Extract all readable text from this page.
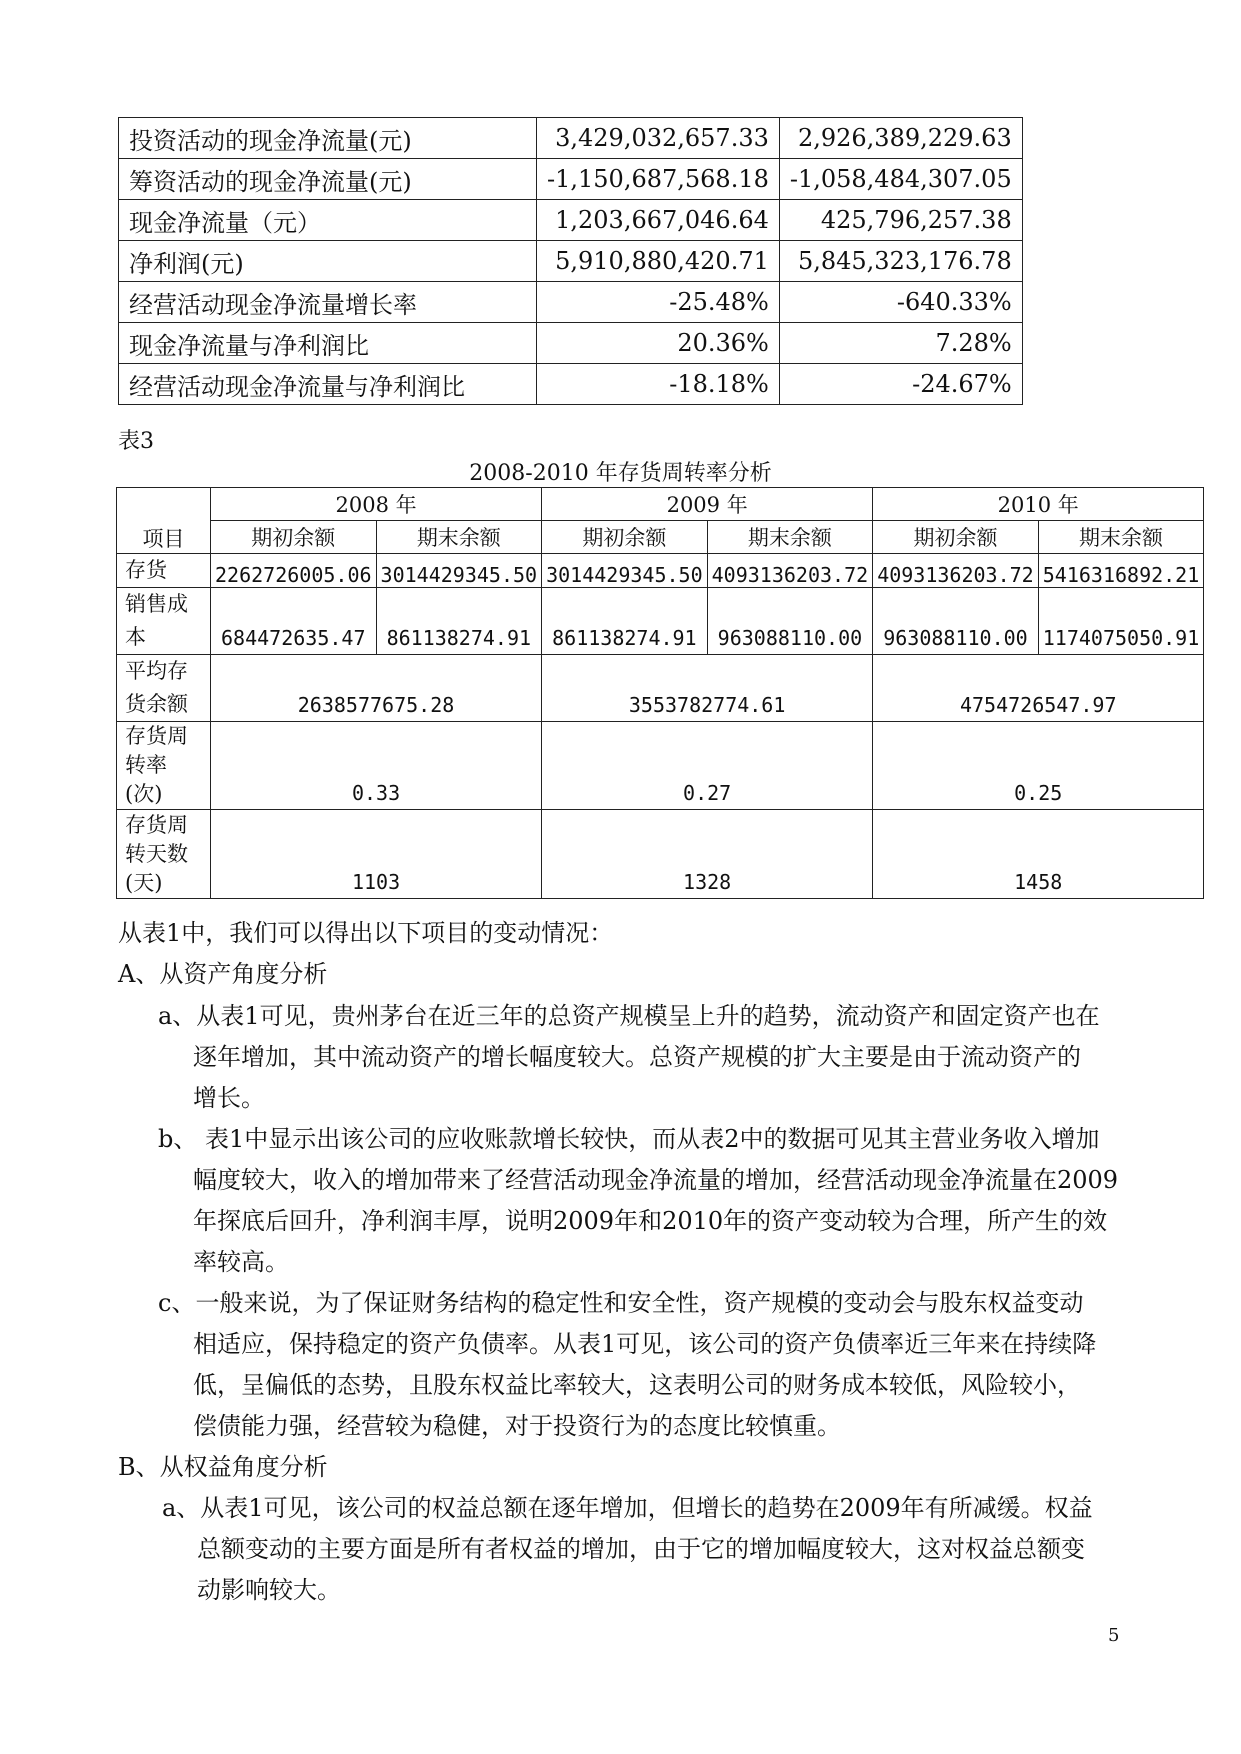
投资活动的现金净流量(元)	3,429,032,657.33	2,926,389,229.63
筹资活动的现金净流量(元)	-1,150,687,568.18	-1,058,484,307.05
现金净流量（元）	1,203,667,046.64	425,796,257.38
净利润(元)	5,910,880,420.71	5,845,323,176.78
经营活动现金净流量增长率	-25.48%	-640.33%
现金净流量与净利润比	20.36%	7.28%
经营活动现金净流量与净利润比	-18.18%	-24.67%
表3
2008-2010 年存货周转率分析
项目	2008 年		2009 年		2010 年	
	期初余额	期末余额	期初余额	期末余额	期初余额	期末余额
存货	2262726005.06	3014429345.50	3014429345.50	4093136203.72	4093136203.72	5416316892.21

销售成
本	684472635.47	861138274.91	861138274.91	963088110.00	963088110.00	1174075050.91

平均存
货余额	2638577675.28		3553782774.61		4754726547.97	

存货周
转率
(次)	0.33		0.27		0.25	

存货周
转天数
(天)	1103		1328		1458	
从表1中，我们可以得出以下项目的变动情况：
A、从资产角度分析
a、从表1可见，贵州茅台在近三年的总资产规模呈上升的趋势，流动资产和固定资产也在
逐年增加，其中流动资产的增长幅度较大。总资产规模的扩大主要是由于流动资产的
增长。
b、 表1中显示出该公司的应收账款增长较快，而从表2中的数据可见其主营业务收入增加
幅度较大，收入的增加带来了经营活动现金净流量的增加，经营活动现金净流量在2009
年探底后回升，净利润丰厚，说明2009年和2010年的资产变动较为合理，所产生的效
率较高。
c、一般来说，为了保证财务结构的稳定性和安全性，资产规模的变动会与股东权益变动
相适应，保持稳定的资产负债率。从表1可见，该公司的资产负债率近三年来在持续降
低，呈偏低的态势，且股东权益比率较大，这表明公司的财务成本较低，风险较小，
偿债能力强，经营较为稳健，对于投资行为的态度比较慎重。
B、从权益角度分析
a、从表1可见，该公司的权益总额在逐年增加，但增长的趋势在2009年有所减缓。权益
总额变动的主要方面是所有者权益的增加，由于它的增加幅度较大，这对权益总额变
动影响较大。
5
